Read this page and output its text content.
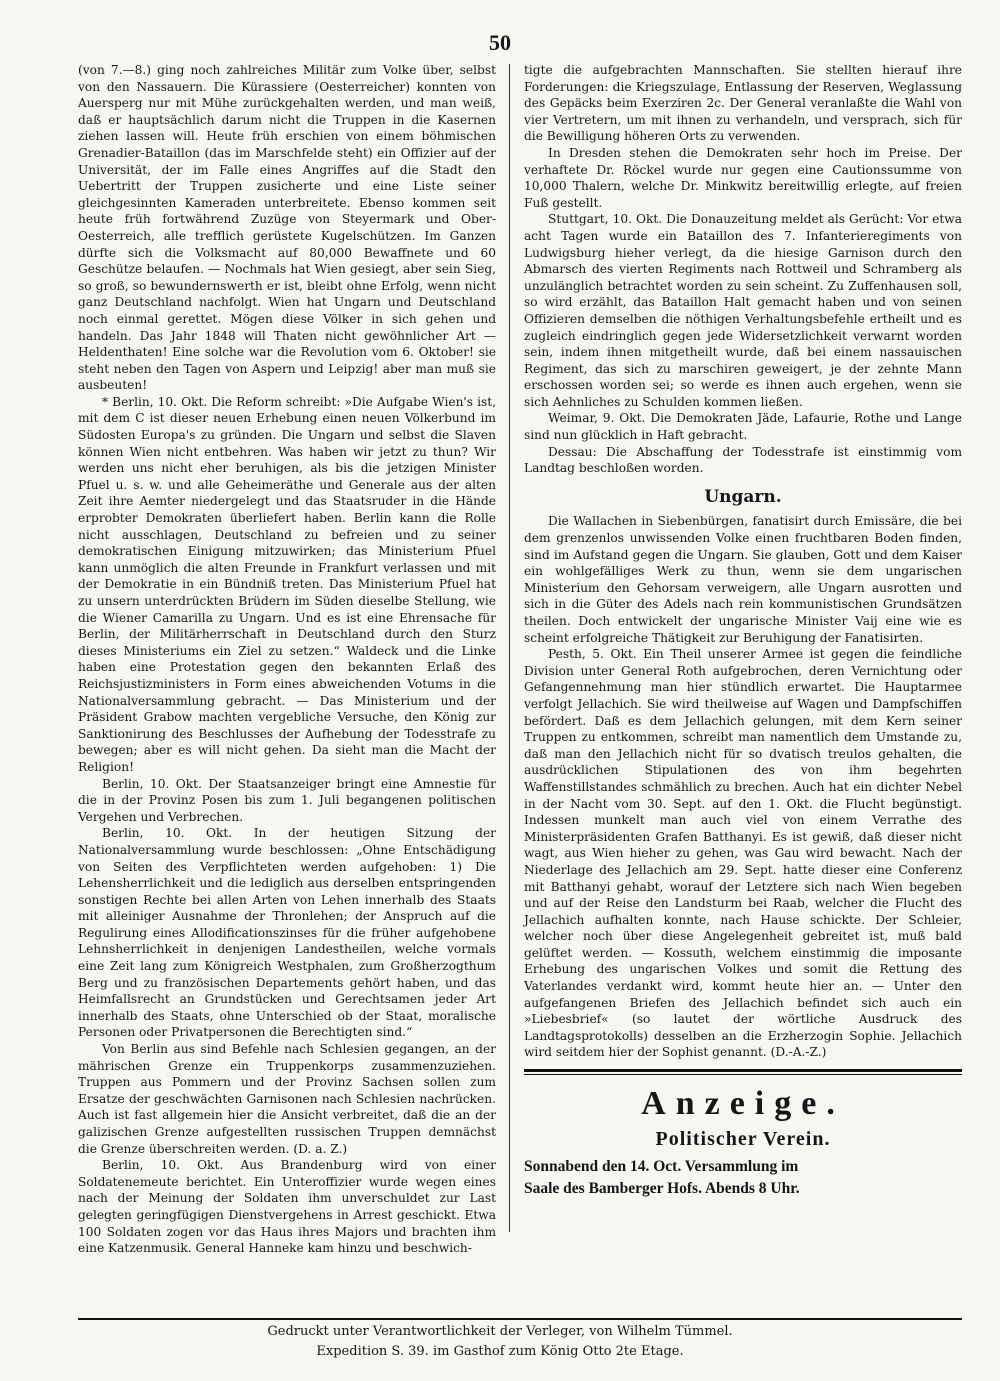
50

(von 7.—8.) ging noch zahlreiches Militär zum Volke über, selbst von den Nassauern. Die Kürassiere (Oesterreicher) konnten von Auersperg nur mit Mühe zurückgehalten werden, und man weiß, daß er hauptsächlich darum nicht die Truppen in die Kasernen ziehen lassen will. Heute früh erschien von einem böhmischen Grenadier-Bataillon (das im Marschfelde steht) ein Offizier auf der Universität, der im Falle eines Angriffes auf die Stadt den Uebertritt der Truppen zusicherte und eine Liste seiner gleichgesinnten Kameraden unterbreitete. Ebenso kommen seit heute früh fortwährend Zuzüge von Steyermark und Ober-Oesterreich, alle trefflich gerüstete Kugelschützen. Im Ganzen dürfte sich die Volksmacht auf 80,000 Bewaffnete und 60 Geschütze belaufen. — Nochmals hat Wien gesiegt, aber sein Sieg, so groß, so bewundernswerth er ist, bleibt ohne Erfolg, wenn nicht ganz Deutschland nachfolgt. Wien hat Ungarn und Deutschland noch einmal gerettet. Mögen diese Völker in sich gehen und handeln. Das Jahr 1848 will Thaten nicht gewöhnlicher Art — Heldenthaten! Eine solche war die Revolution vom 6. Oktober! sie steht neben den Tagen von Aspern und Leipzig! aber man muß sie ausbeuten!

* Berlin, 10. Okt. Die Reform schreibt: »Die Aufgabe Wien's ist, mit dem C ist dieser neuen Erhebung einen neuen Völkerbund im Südosten Europa's zu gründen. Die Ungarn und selbst die Slaven können Wien nicht entbehren. Was haben wir jetzt zu thun? Wir werden uns nicht eher beruhigen, als bis die jetzigen Minister Pfuel u. s. w. und alle Geheimeräthe und Generale aus der alten Zeit ihre Aemter niedergelegt und das Staatsruder in die Hände erprobter Demokraten überliefert haben. Berlin kann die Rolle nicht ausschlagen, Deutschland zu befreien und zu seiner demokratischen Einigung mitzuwirken; das Ministerium Pfuel kann unmöglich die alten Freunde in Frankfurt verlassen und mit der Demokratie in ein Bündniß treten. Das Ministerium Pfuel hat zu unsern unterdrückten Brüdern im Süden dieselbe Stellung, wie die Wiener Camarilla zu Ungarn. Und es ist eine Ehrensache für Berlin, der Militärherrschaft in Deutschland durch den Sturz dieses Ministeriums ein Ziel zu setzen.“ Waldeck und die Linke haben eine Protestation gegen den bekannten Erlaß des Reichsjustizministers in Form eines abweichenden Votums in die Nationalversammlung gebracht. — Das Ministerium und der Präsident Grabow machten vergebliche Versuche, den König zur Sanktionirung des Beschlusses der Aufhebung der Todesstrafe zu bewegen; aber es will nicht gehen. Da sieht man die Macht der Religion!

Berlin, 10. Okt. Der Staatsanzeiger bringt eine Amnestie für die in der Provinz Posen bis zum 1. Juli begangenen politischen Vergehen und Verbrechen.

Berlin, 10. Okt. In der heutigen Sitzung der Nationalversammlung wurde beschlossen: „Ohne Entschädigung von Seiten des Verpflichteten werden aufgehoben: 1) Die Lehensherrlichkeit und die lediglich aus derselben entspringenden sonstigen Rechte bei allen Arten von Lehen innerhalb des Staats mit alleiniger Ausnahme der Thronlehen; der Anspruch auf die Regulirung eines Allodificationszinses für die früher aufgehobene Lehnsherrlichkeit in denjenigen Landestheilen, welche vormals eine Zeit lang zum Königreich Westphalen, zum Großherzogthum Berg und zu französischen Departements gehört haben, und das Heimfallsrecht an Grundstücken und Gerechtsamen jeder Art innerhalb des Staats, ohne Unterschied ob der Staat, moralische Personen oder Privatpersonen die Berechtigten sind.“

Von Berlin aus sind Befehle nach Schlesien gegangen, an der mährischen Grenze ein Truppenkorps zusammenzuziehen. Truppen aus Pommern und der Provinz Sachsen sollen zum Ersatze der geschwächten Garnisonen nach Schlesien nachrücken. Auch ist fast allgemein hier die Ansicht verbreitet, daß die an der galizischen Grenze aufgestellten russischen Truppen demnächst die Grenze überschreiten werden. (D. a. Z.)

Berlin, 10. Okt. Aus Brandenburg wird von einer Soldatenemeute berichtet. Ein Unteroffizier wurde wegen eines nach der Meinung der Soldaten ihm unverschuldet zur Last gelegten geringfügigen Dienstvergehens in Arrest geschickt. Etwa 100 Soldaten zogen vor das Haus ihres Majors und brachten ihm eine Katzenmusik. General Hanneke kam hinzu und beschwich-

tigte die aufgebrachten Mannschaften. Sie stellten hierauf ihre Forderungen: die Kriegszulage, Entlassung der Reserven, Weglassung des Gepäcks beim Exerziren 2c. Der General veranlaßte die Wahl von vier Vertretern, um mit ihnen zu verhandeln, und versprach, sich für die Bewilligung höheren Orts zu verwenden.

In Dresden stehen die Demokraten sehr hoch im Preise. Der verhaftete Dr. Röckel wurde nur gegen eine Cautionssumme von 10,000 Thalern, welche Dr. Minkwitz bereitwillig erlegte, auf freien Fuß gestellt.

Stuttgart, 10. Okt. Die Donauzeitung meldet als Gerücht: Vor etwa acht Tagen wurde ein Bataillon des 7. Infanterieregiments von Ludwigsburg hieher verlegt, da die hiesige Garnison durch den Abmarsch des vierten Regiments nach Rottweil und Schramberg als unzulänglich betrachtet worden zu sein scheint. Zu Zuffenhausen soll, so wird erzählt, das Bataillon Halt gemacht haben und von seinen Offizieren demselben die nöthigen Verhaltungsbefehle ertheilt und es zugleich eindringlich gegen jede Widersetzlichkeit verwarnt worden sein, indem ihnen mitgetheilt wurde, daß bei einem nassauischen Regiment, das sich zu marschiren geweigert, je der zehnte Mann erschossen worden sei; so werde es ihnen auch ergehen, wenn sie sich Aehnliches zu Schulden kommen ließen.

Weimar, 9. Okt. Die Demokraten Jäde, Lafaurie, Rothe und Lange sind nun glücklich in Haft gebracht.

Dessau: Die Abschaffung der Todesstrafe ist einstimmig vom Landtag beschloßen worden.

Ungarn.

Die Wallachen in Siebenbürgen, fanatisirt durch Emissäre, die bei dem grenzenlos unwissenden Volke einen fruchtbaren Boden finden, sind im Aufstand gegen die Ungarn. Sie glauben, Gott und dem Kaiser ein wohlgefälliges Werk zu thun, wenn sie dem ungarischen Ministerium den Gehorsam verweigern, alle Ungarn ausrotten und sich in die Güter des Adels nach rein kommunistischen Grundsätzen theilen. Doch entwickelt der ungarische Minister Vaij eine wie es scheint erfolgreiche Thätigkeit zur Beruhigung der Fanatisirten.

Pesth, 5. Okt. Ein Theil unserer Armee ist gegen die feindliche Division unter General Roth aufgebrochen, deren Vernichtung oder Gefangennehmung man hier stündlich erwartet. Die Hauptarmee verfolgt Jellachich. Sie wird theilweise auf Wagen und Dampfschiffen befördert. Daß es dem Jellachich gelungen, mit dem Kern seiner Truppen zu entkommen, schreibt man namentlich dem Umstande zu, daß man den Jellachich nicht für so dvatisch treulos gehalten, die ausdrücklichen Stipulationen des von ihm begehrten Waffenstillstandes schmählich zu brechen. Auch hat ein dichter Nebel in der Nacht vom 30. Sept. auf den 1. Okt. die Flucht begünstigt. Indessen munkelt man auch viel von einem Verrathe des Ministerpräsidenten Grafen Batthanyi. Es ist gewiß, daß dieser nicht wagt, aus Wien hieher zu gehen, was Gau wird bewacht. Nach der Niederlage des Jellachich am 29. Sept. hatte dieser eine Conferenz mit Batthanyi gehabt, worauf der Letztere sich nach Wien begeben und auf der Reise den Landsturm bei Raab, welcher die Flucht des Jellachich aufhalten konnte, nach Hause schickte. Der Schleier, welcher noch über diese Angelegenheit gebreitet ist, muß bald gelüftet werden. — Kossuth, welchem einstimmig die imposante Erhebung des ungarischen Volkes und somit die Rettung des Vaterlandes verdankt wird, kommt heute hier an. — Unter den aufgefangenen Briefen des Jellachich befindet sich auch ein »Liebesbrief« (so lautet der wörtliche Ausdruck des Landtagsprotokolls) desselben an die Erzherzogin Sophie. Jellachich wird seitdem hier der Sophist genannt. (D.-A.-Z.)

Anzeige.
Politischer Verein.
Sonnabend den 14. Oct. Versammlung im
Saale des Bamberger Hofs. Abends 8 Uhr.
Gedruckt unter Verantwortlichkeit der Verleger, von Wilhelm Tümmel.
Expedition S. 39. im Gasthof zum König Otto 2te Etage.
